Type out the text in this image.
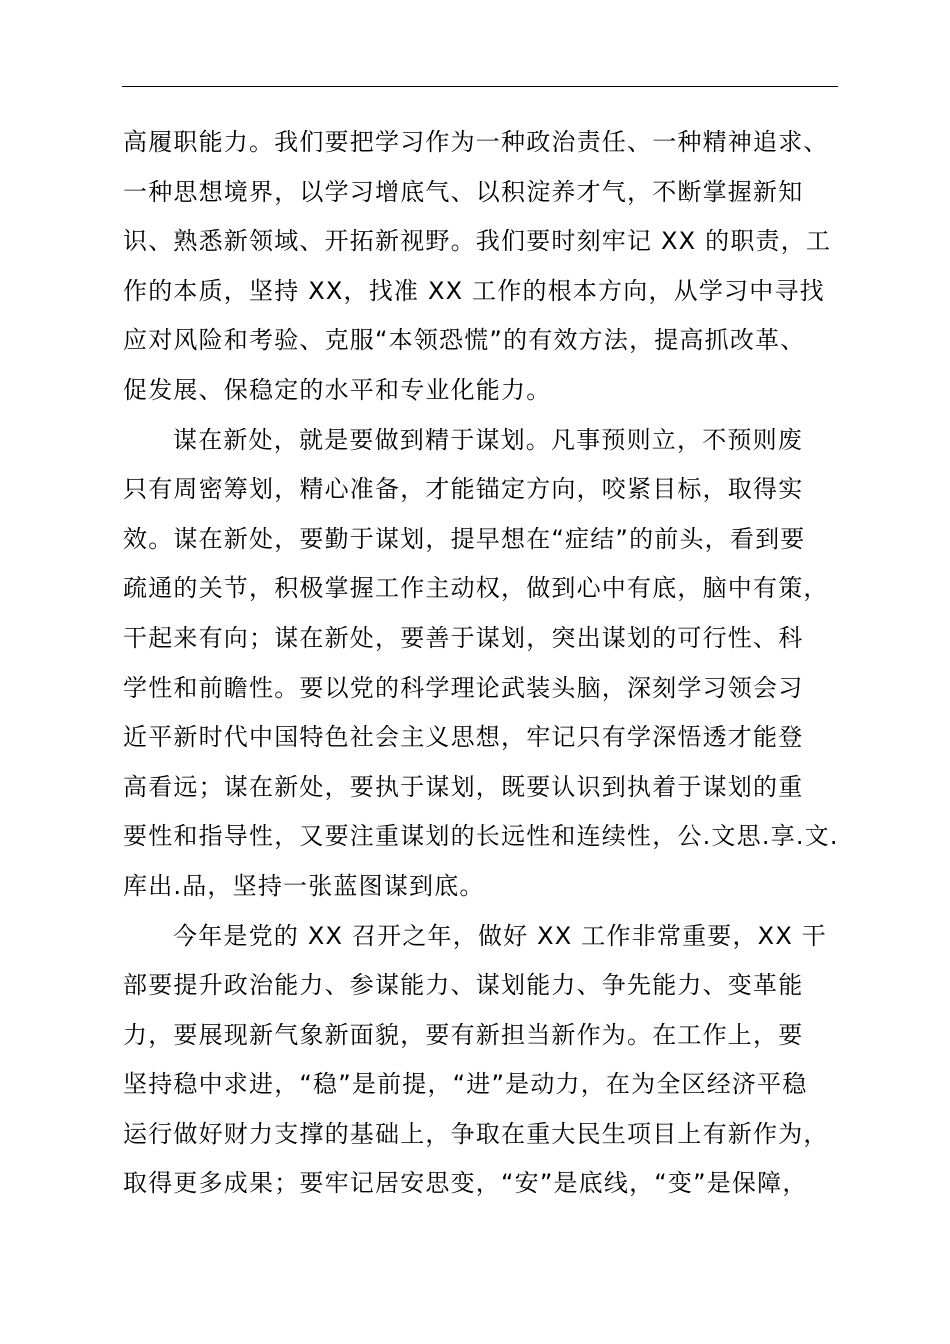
高履职能力。我们要把学习作为一种政治责任、一种精神追求、
一种思想境界，以学习增底气、以积淀养才气，不断掌握新知
识、熟悉新领域、开拓新视野。我们要时刻牢记 XX 的职责，工
作的本质，坚持 XX，找准 XX 工作的根本方向，从学习中寻找
应对风险和考验、克服“本领恐慌”的有效方法，提高抓改革、
促发展、保稳定的水平和专业化能力。
谋在新处，就是要做到精于谋划。凡事预则立，不预则废
只有周密筹划，精心准备，才能锚定方向，咬紧目标，取得实
效。谋在新处，要勤于谋划，提早想在“症结”的前头，看到要
疏通的关节，积极掌握工作主动权，做到心中有底，脑中有策，
干起来有向；谋在新处，要善于谋划，突出谋划的可行性、科
学性和前瞻性。要以党的科学理论武装头脑，深刻学习领会习
近平新时代中国特色社会主义思想，牢记只有学深悟透才能登
高看远；谋在新处，要执于谋划，既要认识到执着于谋划的重
要性和指导性，又要注重谋划的长远性和连续性，公.文思.享.文.
库出.品，坚持一张蓝图谋到底。
今年是党的 XX 召开之年，做好 XX 工作非常重要，XX 干
部要提升政治能力、参谋能力、谋划能力、争先能力、变革能
力，要展现新气象新面貌，要有新担当新作为。在工作上，要
坚持稳中求进，“稳”是前提，“进”是动力，在为全区经济平稳
运行做好财力支撑的基础上，争取在重大民生项目上有新作为，
取得更多成果；要牢记居安思变，“安”是底线，“变”是保障，
